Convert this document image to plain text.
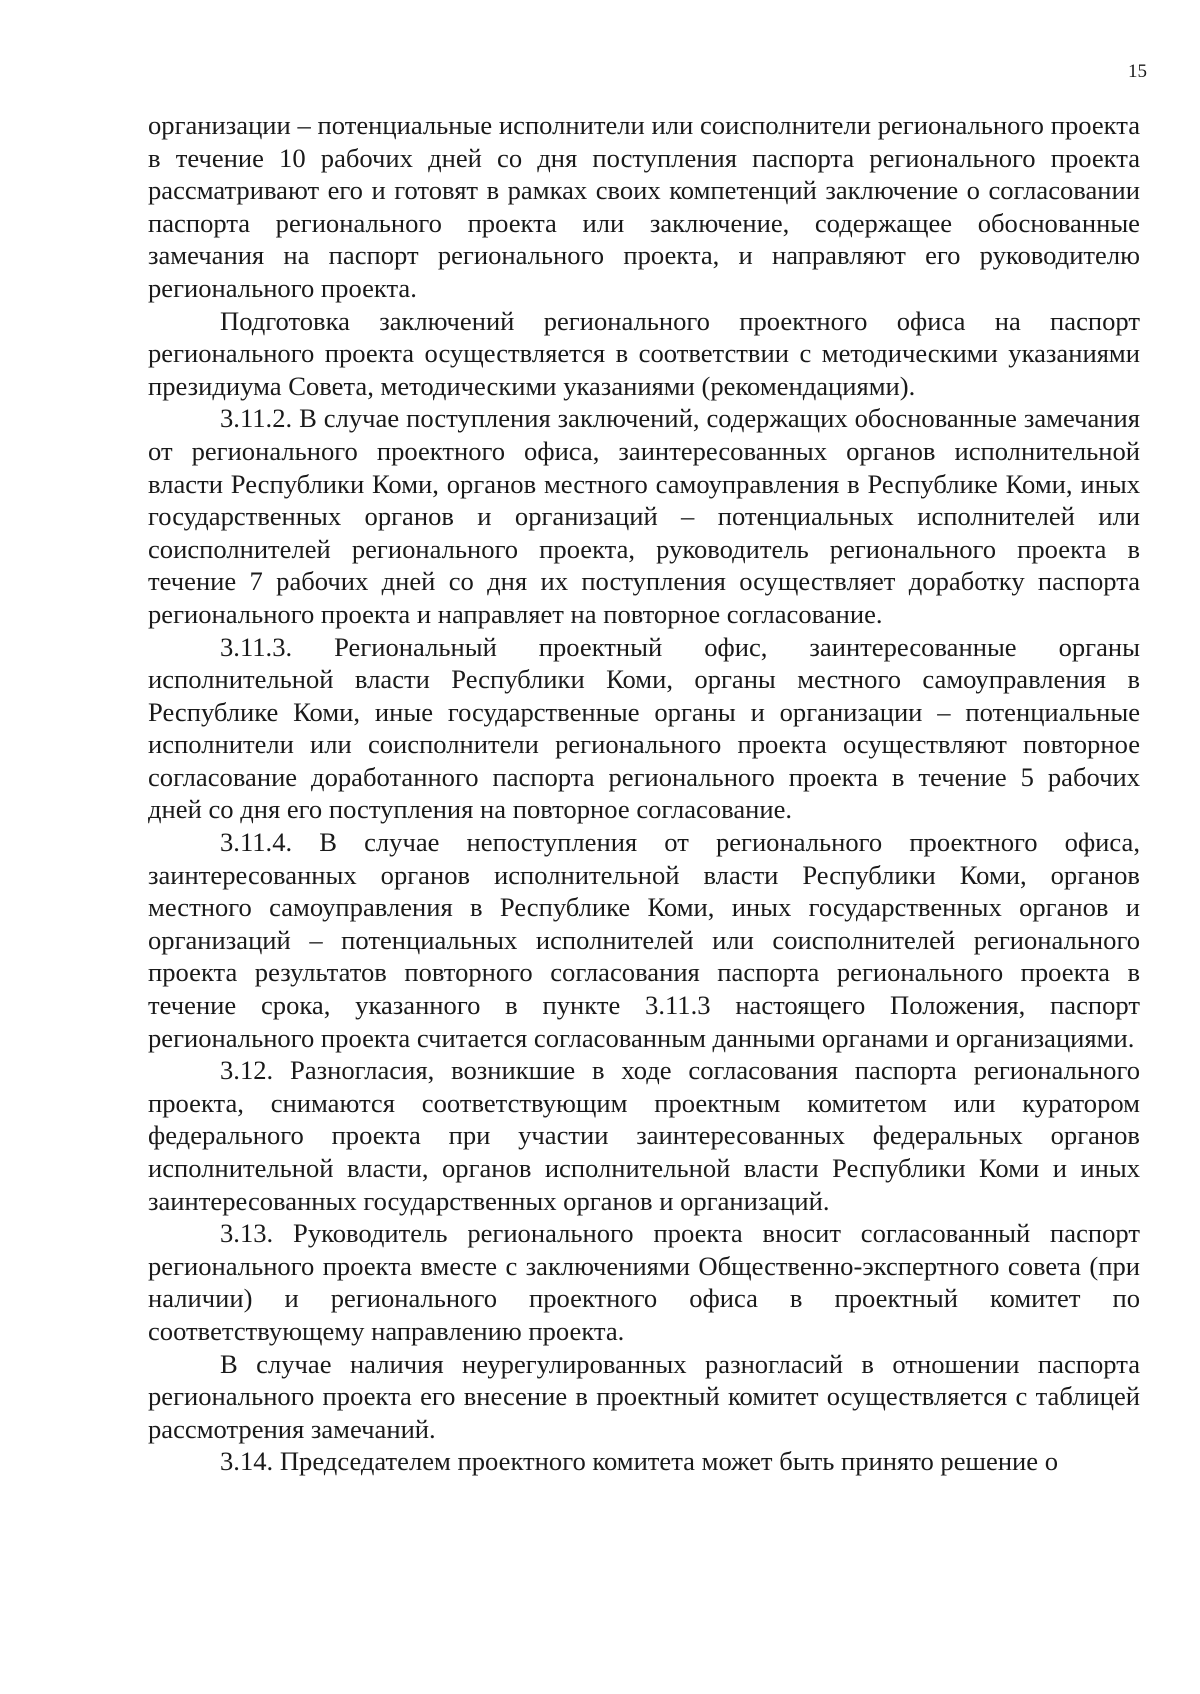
15

организации – потенциальные исполнители или соисполнители регионального проекта в течение 10 рабочих дней со дня поступления паспорта регионального проекта рассматривают его и готовят в рамках своих компетенций заключение о согласовании паспорта регионального проекта или заключение, содержащее обоснованные замечания на паспорт регионального проекта, и направляют его руководителю регионального проекта.

Подготовка заключений регионального проектного офиса на паспорт регионального проекта осуществляется в соответствии с методическими указаниями президиума Совета, методическими указаниями (рекомендациями).

3.11.2. В случае поступления заключений, содержащих обоснованные замечания от регионального проектного офиса, заинтересованных органов исполнительной власти Республики Коми, органов местного самоуправления в Республике Коми, иных государственных органов и организаций – потенциальных исполнителей или соисполнителей регионального проекта, руководитель регионального проекта в течение 7 рабочих дней со дня их поступления осуществляет доработку паспорта регионального проекта и направляет на повторное согласование.

3.11.3. Региональный проектный офис, заинтересованные органы исполнительной власти Республики Коми, органы местного самоуправления в Республике Коми, иные государственные органы и организации – потенциальные исполнители или соисполнители регионального проекта осуществляют повторное согласование доработанного паспорта регионального проекта в течение 5 рабочих дней со дня его поступления на повторное согласование.

3.11.4. В случае непоступления от регионального проектного офиса, заинтересованных органов исполнительной власти Республики Коми, органов местного самоуправления в Республике Коми, иных государственных органов и организаций – потенциальных исполнителей или соисполнителей регионального проекта результатов повторного согласования паспорта регионального проекта в течение срока, указанного в пункте 3.11.3 настоящего Положения, паспорт регионального проекта считается согласованным данными органами и организациями.

3.12. Разногласия, возникшие в ходе согласования паспорта регионального проекта, снимаются соответствующим проектным комитетом или куратором федерального проекта при участии заинтересованных федеральных органов исполнительной власти, органов исполнительной власти Республики Коми и иных заинтересованных государственных органов и организаций.

3.13. Руководитель регионального проекта вносит согласованный паспорт регионального проекта вместе с заключениями Общественно-экспертного совета (при наличии) и регионального проектного офиса в проектный комитет по соответствующему направлению проекта.

В случае наличия неурегулированных разногласий в отношении паспорта регионального проекта его внесение в проектный комитет осуществляется с таблицей рассмотрения замечаний.

3.14. Председателем проектного комитета может быть принято решение о
